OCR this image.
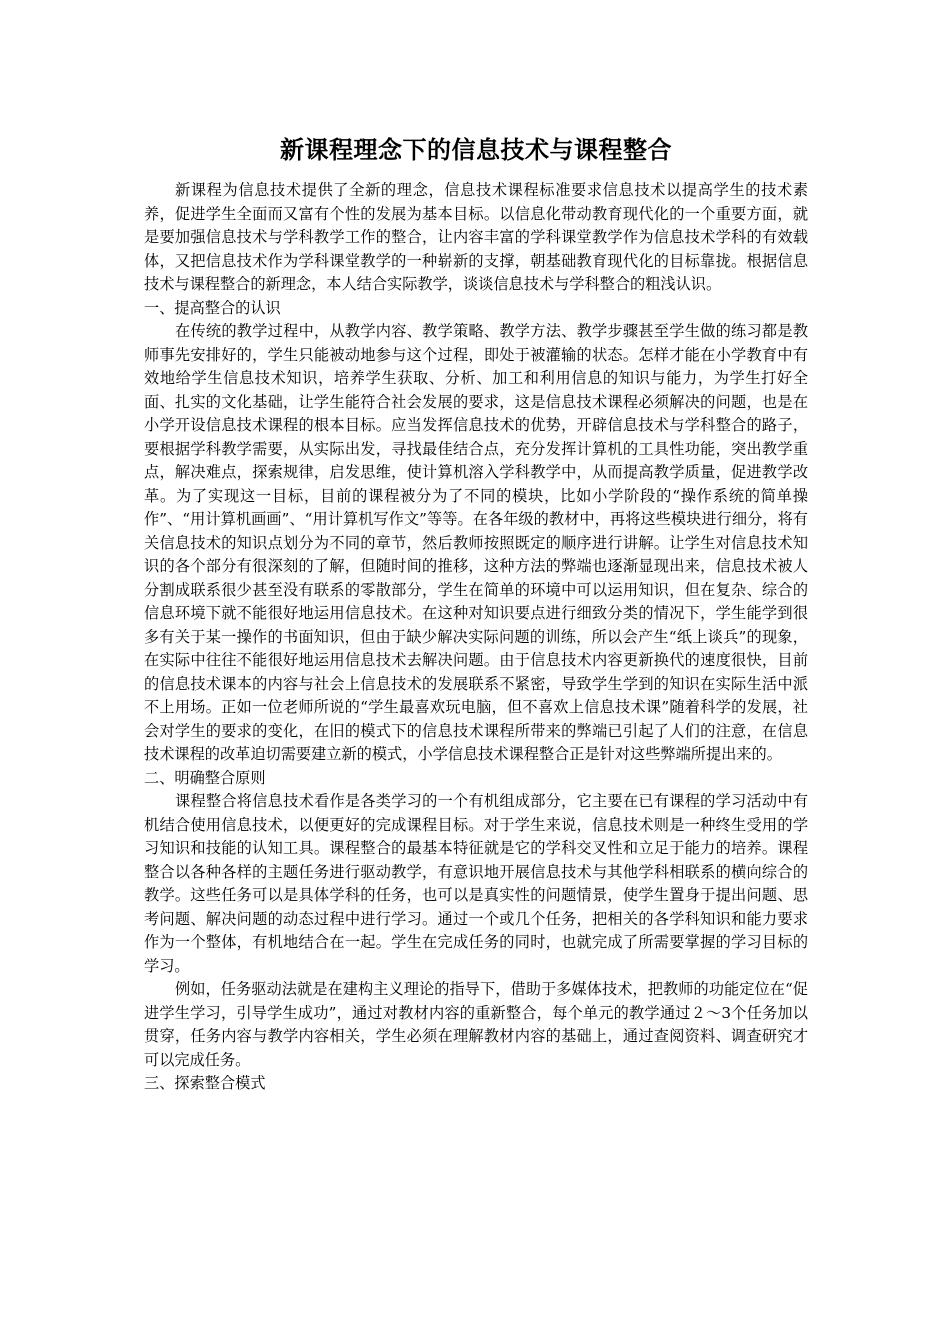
新课程理念下的信息技术与课程整合

新课程为信息技术提供了全新的理念，信息技术课程标准要求信息技术以提高学生的技术素养，促进学生全面而又富有个性的发展为基本目标。以信息化带动教育现代化的一个重要方面，就是要加强信息技术与学科教学工作的整合，让内容丰富的学科课堂教学作为信息技术学科的有效载体，又把信息技术作为学科课堂教学的一种崭新的支撑，朝基础教育现代化的目标靠拢。根据信息技术与课程整合的新理念，本人结合实际教学，谈谈信息技术与学科整合的粗浅认识。

一、提高整合的认识

在传统的教学过程中，从教学内容、教学策略、教学方法、教学步骤甚至学生做的练习都是教师事先安排好的，学生只能被动地参与这个过程，即处于被灌输的状态。怎样才能在小学教育中有效地给学生信息技术知识，培养学生获取、分析、加工和利用信息的知识与能力，为学生打好全面、扎实的文化基础，让学生能符合社会发展的要求，这是信息技术课程必须解决的问题，也是在小学开设信息技术课程的根本目标。应当发挥信息技术的优势，开辟信息技术与学科整合的路子，要根据学科教学需要，从实际出发，寻找最佳结合点，充分发挥计算机的工具性功能，突出教学重点，解决难点，探索规律，启发思维，使计算机溶入学科教学中，从而提高教学质量，促进教学改革。为了实现这一目标，目前的课程被分为了不同的模块，比如小学阶段的“操作系统的简单操作”、“用计算机画画”、“用计算机写作文”等等。在各年级的教材中，再将这些模块进行细分，将有关信息技术的知识点划分为不同的章节，然后教师按照既定的顺序进行讲解。让学生对信息技术知识的各个部分有很深刻的了解，但随时间的推移，这种方法的弊端也逐渐显现出来，信息技术被人分割成联系很少甚至没有联系的零散部分，学生在简单的环境中可以运用知识，但在复杂、综合的信息环境下就不能很好地运用信息技术。在这种对知识要点进行细致分类的情况下，学生能学到很多有关于某一操作的书面知识，但由于缺少解决实际问题的训练，所以会产生“纸上谈兵”的现象，在实际中往往不能很好地运用信息技术去解决问题。由于信息技术内容更新换代的速度很快，目前的信息技术课本的内容与社会上信息技术的发展联系不紧密，导致学生学到的知识在实际生活中派不上用场。正如一位老师所说的“学生最喜欢玩电脑，但不喜欢上信息技术课”随着科学的发展，社会对学生的要求的变化，在旧的模式下的信息技术课程所带来的弊端已引起了人们的注意，在信息技术课程的改革迫切需要建立新的模式，小学信息技术课程整合正是针对这些弊端所提出来的。

二、明确整合原则

课程整合将信息技术看作是各类学习的一个有机组成部分，它主要在已有课程的学习活动中有机结合使用信息技术，以便更好的完成课程目标。对于学生来说，信息技术则是一种终生受用的学习知识和技能的认知工具。课程整合的最基本特征就是它的学科交叉性和立足于能力的培养。课程整合以各种各样的主题任务进行驱动教学，有意识地开展信息技术与其他学科相联系的横向综合的教学。这些任务可以是具体学科的任务，也可以是真实性的问题情景，使学生置身于提出问题、思考问题、解决问题的动态过程中进行学习。通过一个或几个任务，把相关的各学科知识和能力要求作为一个整体，有机地结合在一起。学生在完成任务的同时，也就完成了所需要掌握的学习目标的学习。

例如，任务驱动法就是在建构主义理论的指导下，借助于多媒体技术，把教师的功能定位在“促进学生学习，引导学生成功”，通过对教材内容的重新整合，每个单元的教学通过２～3个任务加以贯穿，任务内容与教学内容相关，学生必须在理解教材内容的基础上，通过查阅资料、调查研究才可以完成任务。

三、探索整合模式
